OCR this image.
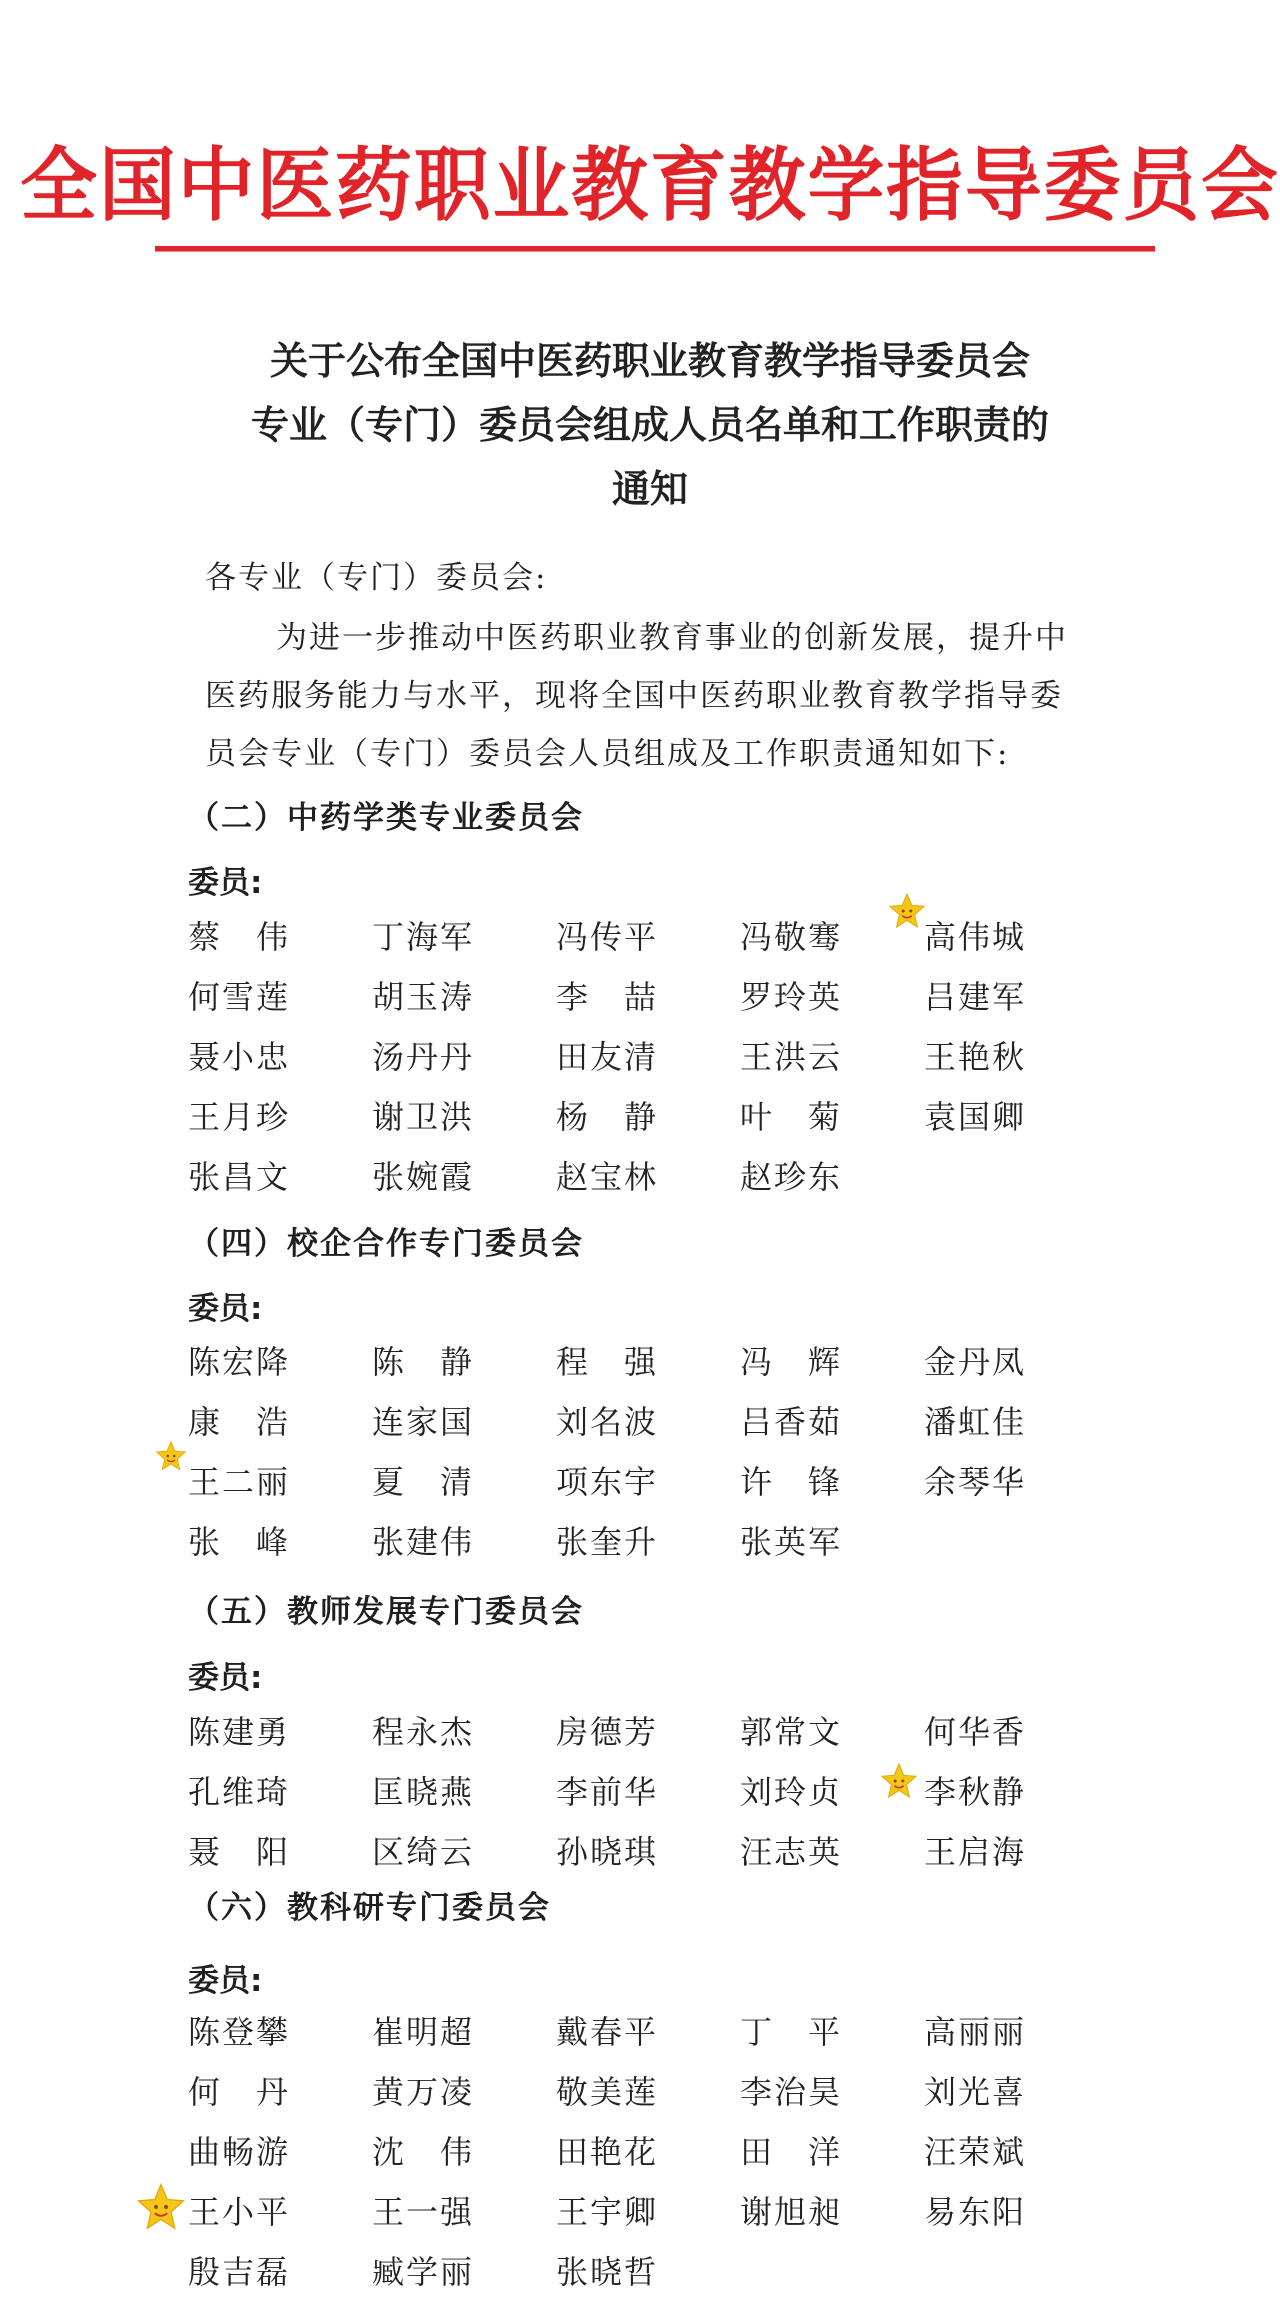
全国中医药职业教育教学指导委员会
关于公布全国中医药职业教育教学指导委员会
专业（专门）委员会组成人员名单和工作职责的
通知
各专业（专门）委员会:
为进一步推动中医药职业教育事业的创新发展，提升中
医药服务能力与水平，现将全国中医药职业教育教学指导委
员会专业（专门）委员会人员组成及工作职责通知如下:
（二）中药学类专业委员会
委员:
蔡　伟	丁海军	冯传平	冯敬骞	高伟城
何雪莲	胡玉涛	李　喆	罗玲英	吕建军
聂小忠	汤丹丹	田友清	王洪云	王艳秋
王月珍	谢卫洪	杨　静	叶　菊	袁国卿
张昌文	张婉霞	赵宝林	赵珍东
（四）校企合作专门委员会
委员:
陈宏降	陈　静	程　强	冯　辉	金丹凤
康　浩	连家国	刘名波	吕香茹	潘虹佳
王二丽	夏　清	项东宇	许　锋	余琴华
张　峰	张建伟	张奎升	张英军
（五）教师发展专门委员会
委员:
陈建勇	程永杰	房德芳	郭常文	何华香
孔维琦	匡晓燕	李前华	刘玲贞	李秋静
聂　阳	区绮云	孙晓琪	汪志英	王启海
（六）教科研专门委员会
委员:
陈登攀	崔明超	戴春平	丁　平	高丽丽
何　丹	黄万凌	敬美莲	李治昊	刘光喜
曲畅游	沈　伟	田艳花	田　洋	汪荣斌
王小平	王一强	王宇卿	谢旭昶	易东阳
殷吉磊	臧学丽	张晓哲
